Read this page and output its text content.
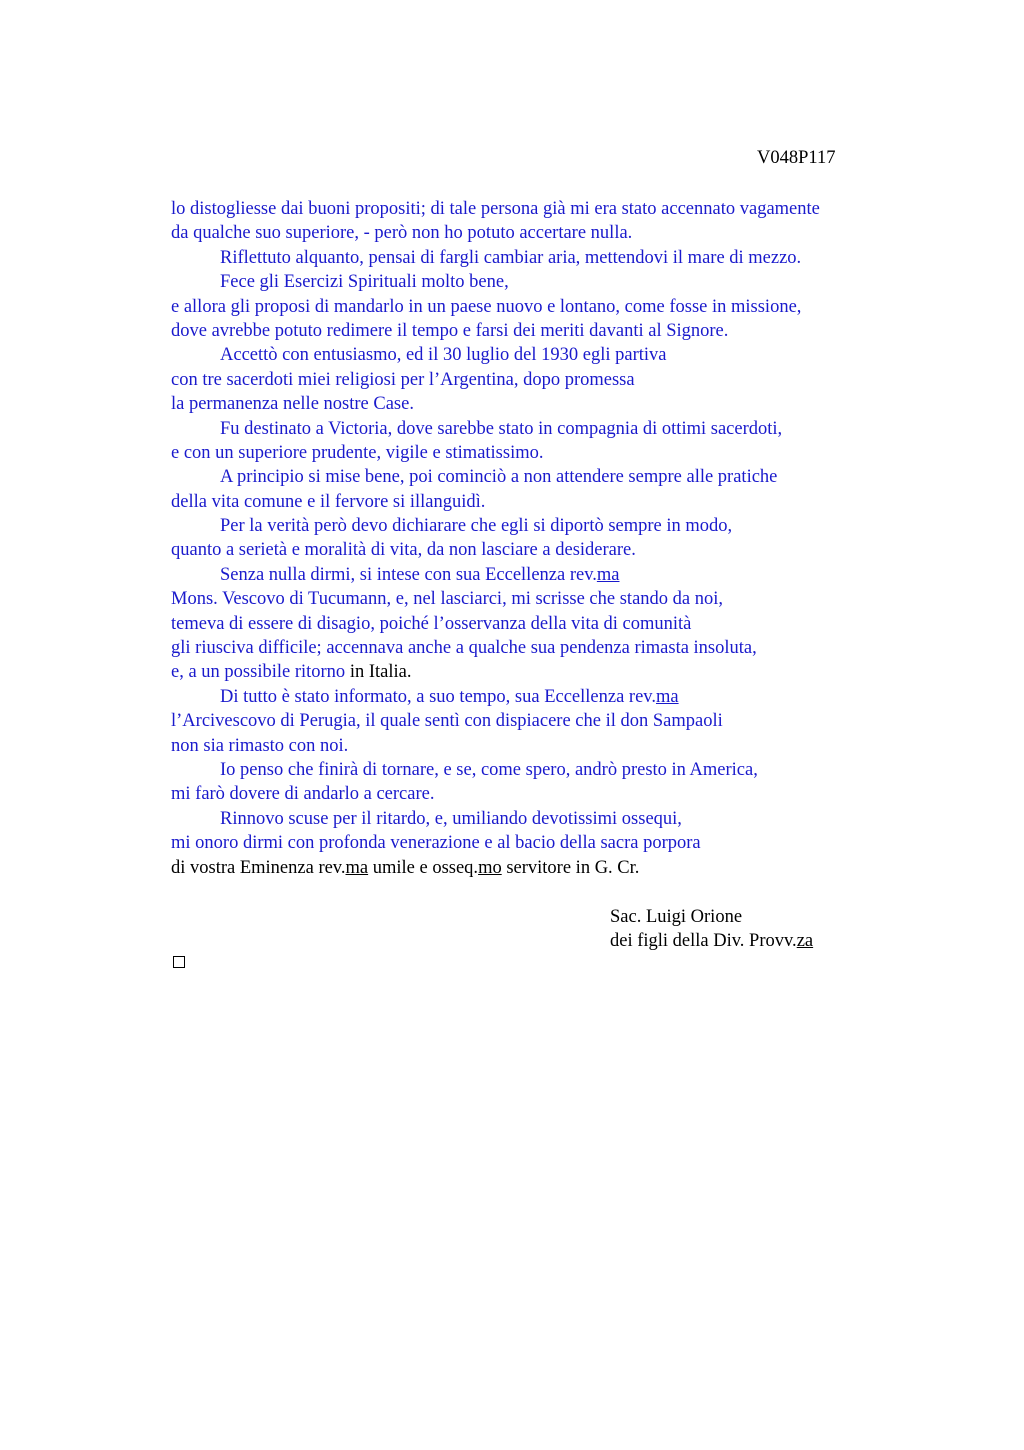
V048P117
lo distogliesse dai buoni propositi; di tale persona già mi era stato accennato vagamente
da qualche suo superiore, - però non ho potuto accertare nulla.
Riflettuto alquanto, pensai di fargli cambiar aria, mettendovi il mare di mezzo.
Fece gli Esercizi Spirituali molto bene,
e allora gli proposi di mandarlo in un paese nuovo e lontano, come fosse in missione,
dove avrebbe potuto redimere il tempo e farsi dei meriti davanti al Signore.
Accettò con entusiasmo, ed il 30 luglio del 1930 egli partiva
con tre sacerdoti miei religiosi per l’Argentina, dopo promessa
la permanenza nelle nostre Case.
Fu destinato a Victoria, dove sarebbe stato in compagnia di ottimi sacerdoti,
e con un superiore prudente, vigile e stimatissimo.
A principio si mise bene, poi cominciò a non attendere sempre alle pratiche
della vita comune e il fervore si illanguidì.
Per la verità però devo dichiarare che egli si diportò sempre in modo,
quanto a serietà e moralità di vita, da non lasciare a desiderare.
Senza nulla dirmi, si intese con sua Eccellenza rev.ma
Mons. Vescovo di Tucumann, e, nel lasciarci, mi scrisse che stando da noi,
temeva di essere di disagio, poiché l’osservanza della vita di comunità
gli riusciva difficile; accennava anche a qualche sua pendenza rimasta insoluta,
e, a un possibile ritorno in Italia.
Di tutto è stato informato, a suo tempo, sua Eccellenza rev.ma
l’Arcivescovo di Perugia, il quale sentì con dispiacere che il don Sampaoli
non sia rimasto con noi.
Io penso che finirà di tornare, e se, come spero, andrò presto in America,
mi farò dovere di andarlo a cercare.
Rinnovo scuse per il ritardo, e, umiliando devotissimi ossequi,
mi onoro dirmi con profonda venerazione e al bacio della sacra porpora
di vostra Eminenza rev.ma umile e osseq.mo servitore in G. Cr.
Sac. Luigi Orione
dei figli della Div. Provv.za
